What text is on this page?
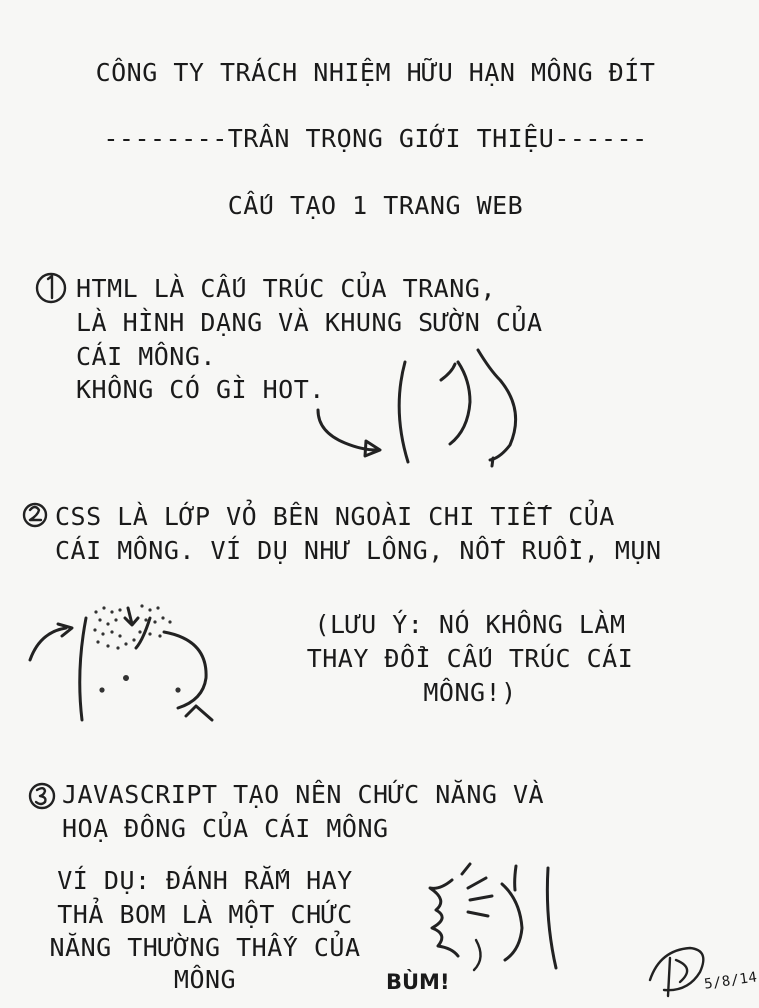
CÔNG TY TRÁCH NHIỆM HỮU HẠN MÔNG ĐÍT
--------TRÂN TRỌNG GIỚI THIỆU------
CẤU TẠO 1 TRANG WEB
HTML LÀ CẤU TRÚC CỦA TRANG,
LÀ HÌNH DẠNG VÀ KHUNG SƯỜN CỦA
CÁI MÔNG.
KHÔNG CÓ GÌ HOT.
CSS LÀ LỚP VỎ BÊN NGOÀI CHI TIẾT CỦA
CÁI MÔNG. VÍ DỤ NHƯ LÔNG, NỐT RUỒI, MỤN
(LƯU Ý: NÓ KHÔNG LÀM
THAY ĐỔI CẤU TRÚC CÁI
MÔNG!)
JAVASCRIPT TẠO NÊN CHỨC NĂNG VÀ
HOẠ ĐÔNG CỦA CÁI MÔNG
VÍ DỤ: ĐÁNH RẮM HAY
THẢ BOM LÀ MỘT CHỨC
NĂNG THƯỜNG THẤY CỦA
MÔNG	BÙM!	5/8/14
